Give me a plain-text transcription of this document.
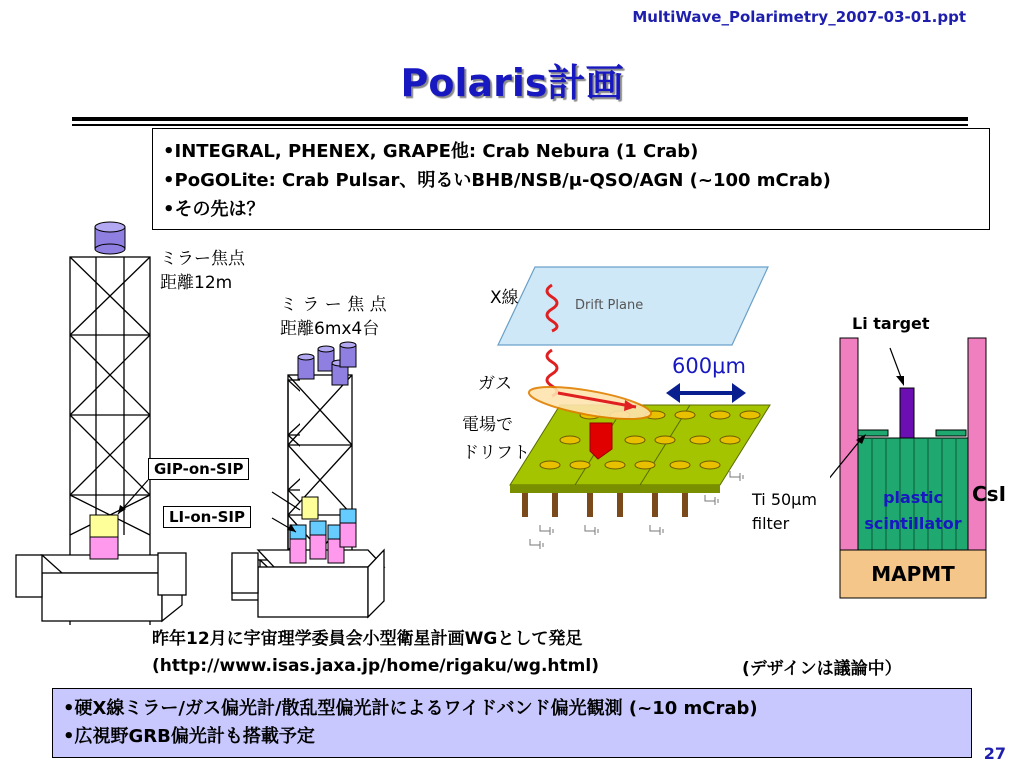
MultiWave_Polarimetry_2007-03-01.ppt
Polaris計画
•INTEGRAL, PHENEX, GRAPE他: Crab Nebura (1 Crab)
•PoGOLite: Crab Pulsar、明るいBHB/NSB/μ-QSO/AGN (~100 mCrab)
•その先は？
ミラー焦点
距離12m
ミ ラ ー 焦 点
距離6mx4台
GIP-on-SIP
LI-on-SIP
Drift Plane
X線
ガス
電場で
ドリフト
600μm
Li target
Ti 50μm
filter
plastic
scintillator
CsI
MAPMT
昨年12月に宇宙理学委員会小型衛星計画WGとして発足
(http://www.isas.jaxa.jp/home/rigaku/wg.html)	(デザインは議論中）
•硬X線ミラー/ガス偏光計/散乱型偏光計によるワイドバンド偏光観測 (~10 mCrab)
•広視野GRB偏光計も搭載予定
27
